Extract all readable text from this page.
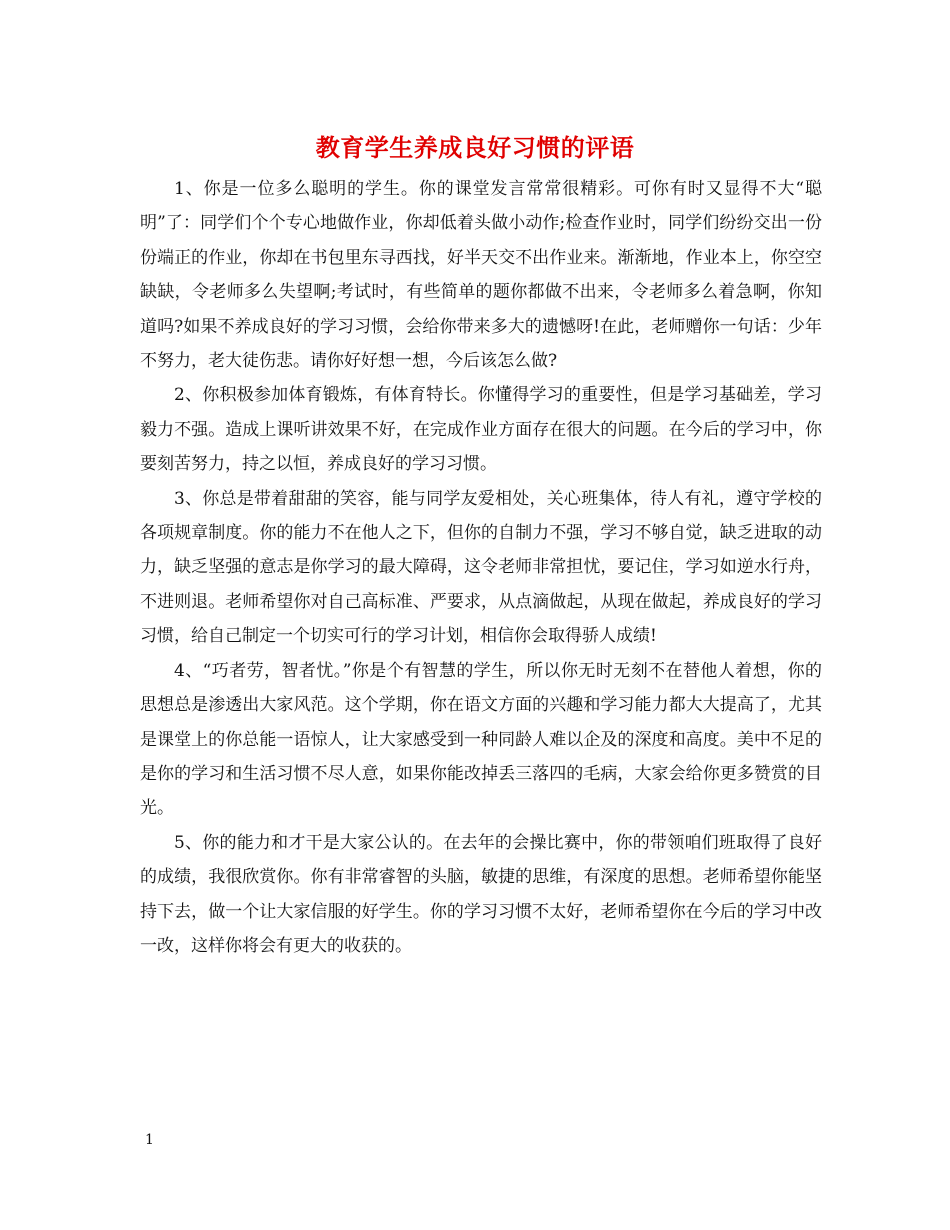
教育学生养成良好习惯的评语

1、你是一位多么聪明的学生。你的课堂发言常常很精彩。可你有时又显得不大“聪明”了：同学们个个专心地做作业，你却低着头做小动作;检查作业时，同学们纷纷交出一份份端正的作业，你却在书包里东寻西找，好半天交不出作业来。渐渐地，作业本上，你空空缺缺，令老师多么失望啊;考试时，有些简单的题你都做不出来，令老师多么着急啊，你知道吗?如果不养成良好的学习习惯，会给你带来多大的遗憾呀!在此，老师赠你一句话：少年不努力，老大徒伤悲。请你好好想一想，今后该怎么做?

2、你积极参加体育锻炼，有体育特长。你懂得学习的重要性，但是学习基础差，学习毅力不强。造成上课听讲效果不好，在完成作业方面存在很大的问题。在今后的学习中，你要刻苦努力，持之以恒，养成良好的学习习惯。

3、你总是带着甜甜的笑容，能与同学友爱相处，关心班集体，待人有礼，遵守学校的各项规章制度。你的能力不在他人之下，但你的自制力不强，学习不够自觉，缺乏进取的动力，缺乏坚强的意志是你学习的最大障碍，这令老师非常担忧，要记住，学习如逆水行舟，不进则退。老师希望你对自己高标准、严要求，从点滴做起，从现在做起，养成良好的学习习惯，给自己制定一个切实可行的学习计划，相信你会取得骄人成绩!

4、“巧者劳，智者忧。”你是个有智慧的学生，所以你无时无刻不在替他人着想，你的思想总是渗透出大家风范。这个学期，你在语文方面的兴趣和学习能力都大大提高了，尤其是课堂上的你总能一语惊人，让大家感受到一种同龄人难以企及的深度和高度。美中不足的是你的学习和生活习惯不尽人意，如果你能改掉丢三落四的毛病，大家会给你更多赞赏的目光。

5、你的能力和才干是大家公认的。在去年的会操比赛中，你的带领咱们班取得了良好的成绩，我很欣赏你。你有非常睿智的头脑，敏捷的思维，有深度的思想。老师希望你能坚持下去，做一个让大家信服的好学生。你的学习习惯不太好，老师希望你在今后的学习中改一改，这样你将会有更大的收获的。

1
